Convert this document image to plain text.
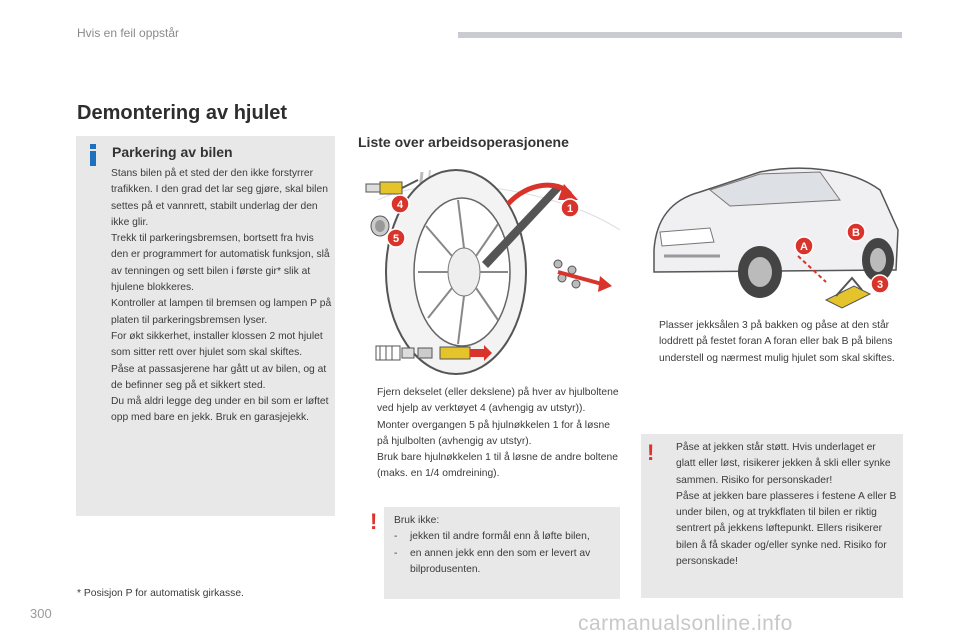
Hvis en feil oppstår
Demontering av hjulet
Parkering av bilen

Stans bilen på et sted der den ikke forstyrrer trafikken. I den grad det lar seg gjøre, skal bilen settes på et vannrett, stabilt underlag der den ikke glir.

Trekk til parkeringsbremsen, bortsett fra hvis den er programmert for automatisk funksjon, slå av tenningen og sett bilen i første gir* slik at hjulene blokkeres.

Kontroller at lampen til bremsen og lampen P på platen til parkeringsbremsen lyser.

For økt sikkerhet, installer klossen 2 mot hjulet som sitter rett over hjulet som skal skiftes.

Påse at passasjerene har gått ut av bilen, og at de befinner seg på et sikkert sted.

Du må aldri legge deg under en bil som er løftet opp med bare en jekk. Bruk en garasjejekk.

* Posisjon P for automatisk girkasse.
300
Liste over arbeidsoperasjonene
1
4
5
A
B
3
Fjern dekselet (eller dekslene) på hver av hjulboltene ved hjelp av verktøyet 4 (avhengig av utstyr)).
Monter overgangen 5 på hjulnøkkelen 1 for å løsne på hjulbolten (avhengig av utstyr).
Bruk bare hjulnøkkelen 1 til å løsne de andre boltene (maks. en 1/4 omdreining).
Plasser jekksålen 3 på bakken og påse at den står loddrett på festet foran A foran eller bak B på bilens understell og nærmest mulig hjulet som skal skiftes.
! Bruk ikke:
- jekken til andre formål enn å løfte bilen,
- en annen jekk enn den som er levert av bilprodusenten.
! Påse at jekken står støtt. Hvis underlaget er glatt eller løst, risikerer jekken å skli eller synke sammen. Risiko for personskader!
Påse at jekken bare plasseres i festene A eller B under bilen, og at trykkflaten til bilen er riktig sentrert på jekkens løftepunkt. Ellers risikerer bilen å få skader og/eller synke ned. Risiko for personskade!
carmanualsonline.info
